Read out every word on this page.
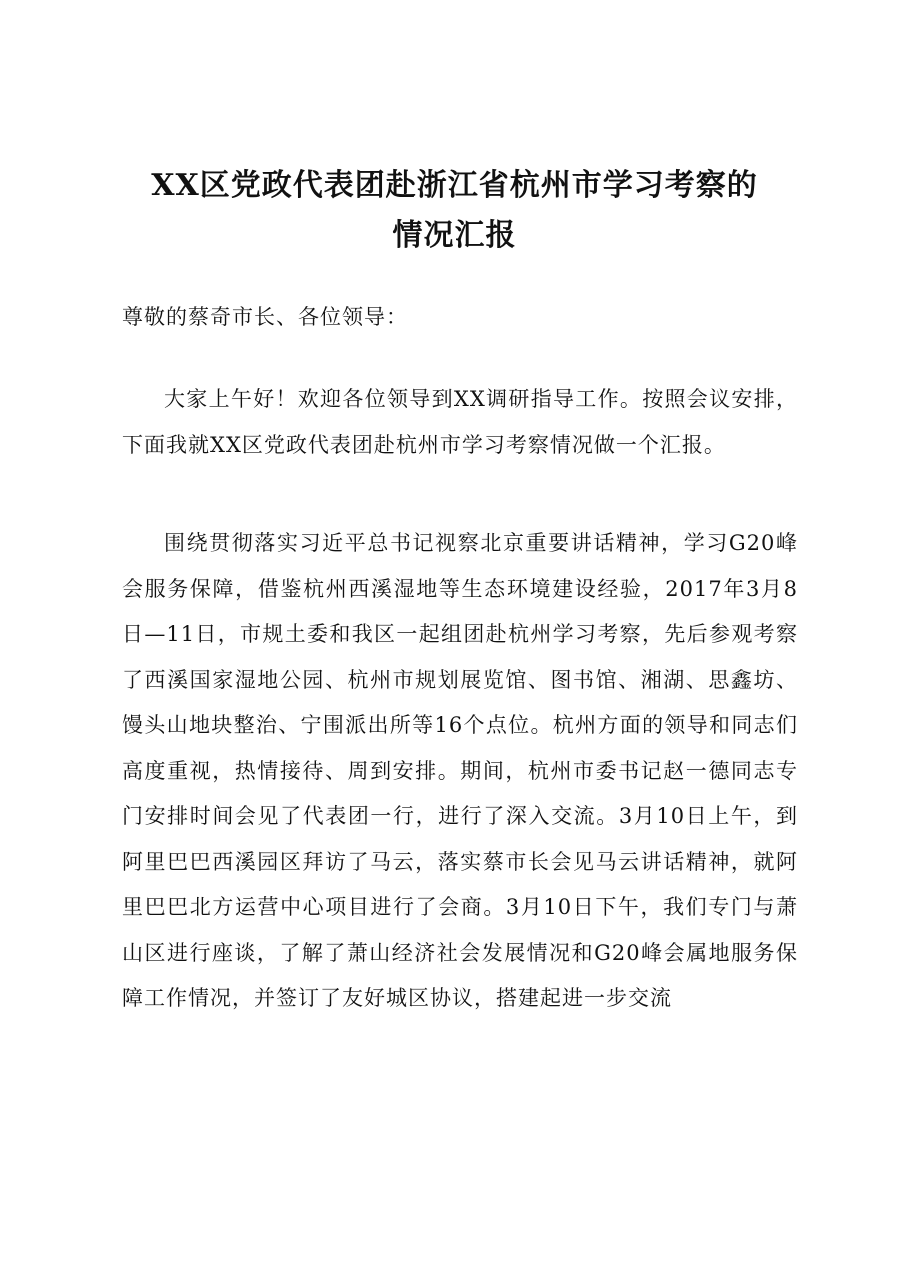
XX区党政代表团赴浙江省杭州市学习考察的
情况汇报

尊敬的蔡奇市长、各位领导：

大家上午好！欢迎各位领导到XX调研指导工作。按照会议安排，下面我就XX区党政代表团赴杭州市学习考察情况做一个汇报。

围绕贯彻落实习近平总书记视察北京重要讲话精神，学习G20峰会服务保障，借鉴杭州西溪湿地等生态环境建设经验，2017年3月8日—11日，市规土委和我区一起组团赴杭州学习考察，先后参观考察了西溪国家湿地公园、杭州市规划展览馆、图书馆、湘湖、思鑫坊、馒头山地块整治、宁围派出所等16个点位。杭州方面的领导和同志们高度重视，热情接待、周到安排。期间，杭州市委书记赵一德同志专门安排时间会见了代表团一行，进行了深入交流。3月10日上午，到阿里巴巴西溪园区拜访了马云，落实蔡市长会见马云讲话精神，就阿里巴巴北方运营中心项目进行了会商。3月10日下午，我们专门与萧山区进行座谈，了解了萧山经济社会发展情况和G20峰会属地服务保障工作情况，并签订了友好城区协议，搭建起进一步交流
